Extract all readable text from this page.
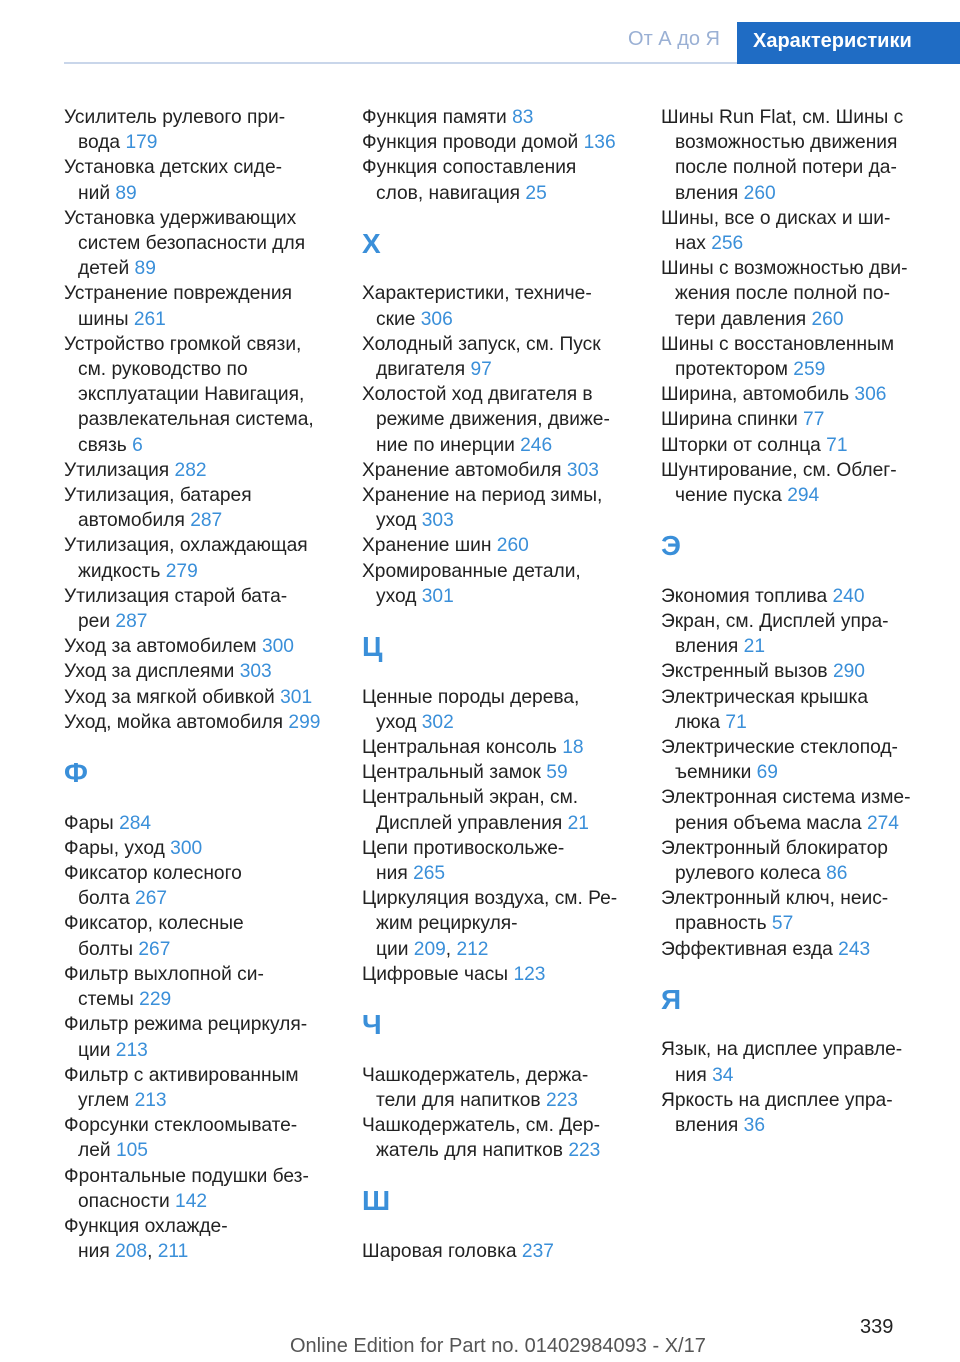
От А до Я	Характеристики
Усилитель рулевого при-
вода 179
Установка детских сиде-
ний 89
Установка удерживающих
систем безопасности для
детей 89
Устранение повреждения
шины 261
Устройство громкой связи,
см. руководство по
эксплуатации Навигация,
развлекательная система,
связь 6
Утилизация 282
Утилизация, батарея
автомобиля 287
Утилизация, охлаждающая
жидкость 279
Утилизация старой бата-
реи 287
Уход за автомобилем 300
Уход за дисплеями 303
Уход за мягкой обивкой 301
Уход, мойка автомобиля 299
Ф
Фары 284
Фары, уход 300
Фиксатор колесного
болта 267
Фиксатор, колесные
болты 267
Фильтр выхлопной си-
стемы 229
Фильтр режима рециркуля-
ции 213
Фильтр с активированным
углем 213
Форсунки стеклоомывате-
лей 105
Фронтальные подушки без-
опасности 142
Функция охлажде-
ния 208, 211
Функция памяти 83
Функция проводи домой 136
Функция сопоставления
слов, навигация 25
Х
Характеристики, техниче-
ские 306
Холодный запуск, см. Пуск
двигателя 97
Холостой ход двигателя в
режиме движения, движе-
ние по инерции 246
Хранение автомобиля 303
Хранение на период зимы,
уход 303
Хранение шин 260
Хромированные детали,
уход 301
Ц
Ценные породы дерева,
уход 302
Центральная консоль 18
Центральный замок 59
Центральный экран, см.
Дисплей управления 21
Цепи противоскольже-
ния 265
Циркуляция воздуха, см. Ре-
жим рециркуля-
ции 209, 212
Цифровые часы 123
Ч
Чашкодержатель, держа-
тели для напитков 223
Чашкодержатель, см. Дер-
жатель для напитков 223
Ш
Шаровая головка 237
Шины Run Flat, см. Шины с
возможностью движения
после полной потери да-
вления 260
Шины, все о дисках и ши-
нах 256
Шины с возможностью дви-
жения после полной по-
тери давления 260
Шины с восстановленным
протектором 259
Ширина, автомобиль 306
Ширина спинки 77
Шторки от солнца 71
Шунтирование, см. Облег-
чение пуска 294
Э
Экономия топлива 240
Экран, см. Дисплей упра-
вления 21
Экстренный вызов 290
Электрическая крышка
люка 71
Электрические стеклопод-
ъемники 69
Электронная система изме-
рения объема масла 274
Электронный блокиратор
рулевого колеса 86
Электронный ключ, неис-
правность 57
Эффективная езда 243
Я
Язык, на дисплее управле-
ния 34
Яркость на дисплее упра-
вления 36
339
Online Edition for Part no. 01402984093 - X/17
